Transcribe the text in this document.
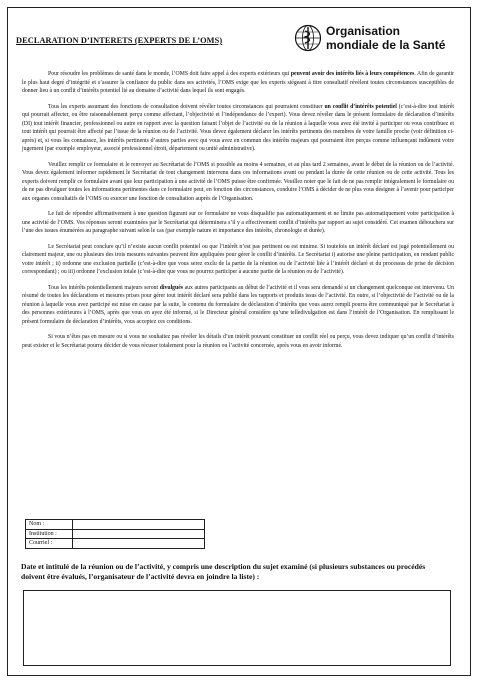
DECLARATION D’INTERETS (EXPERTS DE L’OMS)
Organisation
mondiale de la Santé

Pour résoudre les problèmes de santé dans le monde, l’OMS doit faire appel à des experts extérieurs qui peuvent avoir des intérêts liés à leurs compétences. Afin de garantir le plus haut degré d’intégrité et s’assurer la confiance du public dans ses activités, l’OMS exige que les experts siégeant à titre consultatif révèlent toutes circonstances susceptibles de donner lieu à un conflit d’intérêts potentiel lié au domaine d’activité dans lequel ils sont engagés.

Tous les experts assumant des fonctions de consultation doivent révéler toutes circonstances qui pourraient constituer un conflit d’intérêts potentiel (c’est-à-dire tout intérêt qui pourrait affecter, ou être raisonnablement perçu comme affectant, l’objectivité et l’indépendance de l’expert). Vous devez révéler dans le présent formulaire de déclaration d’intérêts (DI) tout intérêt financier, professionnel ou autre en rapport avec la question faisant l’objet de l’activité ou de la réunion à laquelle vous avez été invité à participer ou vous contribuez et tout intérêt qui pourrait être affecté par l’issue de la réunion ou de l’activité. Vous devez également déclarer les intérêts pertinents des membres de votre famille proche (voir définition ci-après) et, si vous les connaissez, les intérêts pertinents d’autres parties avec qui vous avez en commun des intérêts majeurs qui pourraient être perçus comme influençant indûment votre jugement (par exemple employeur, associé professionnel étroit, département ou unité administrative).

Veuillez remplir ce formulaire et le renvoyer au Secrétariat de l’OMS si possible au moins 4 semaines, et au plus tard 2 semaines, avant le début de la réunion ou de l’activité. Vous devez également informer rapidement le Secrétariat de tout changement intervenu dans ces informations avant ou pendant la durée de cette réunion ou de cette activité. Tous les experts doivent remplir ce formulaire avant que leur participation à une activité de l’OMS puisse être confirmée. Veuillez noter que le fait de ne pas remplir intégralement le formulaire ou de ne pas divulguer toutes les informations pertinentes dans ce formulaire peut, en fonction des circonstances, conduire l’OMS à décider de ne plus vous désigner à l’avenir pour participer aux organes consultatifs de l’OMS ou exercer une fonction de consultation auprès de l’Organisation.

Le fait de répondre affirmativement à une question figurant sur ce formulaire ne vous disqualifie pas automatiquement et ne limite pas automatiquement votre participation à une activité de l’OMS. Vos réponses seront examinées par le Secrétariat qui déterminera s’il y a effectivement conflit d’intérêts par rapport au sujet considéré. Cet examen débouchera sur l’une des issues énumérées au paragraphe suivant selon le cas (par exemple nature et importance des intérêts, chronologie et durée).

Le Secrétariat peut conclure qu’il n’existe aucun conflit potentiel ou que l’intérêt n’est pas pertinent ou est minime. Si toutefois un intérêt déclaré est jugé potentiellement ou clairement majeur, une ou plusieurs des trois mesures suivantes peuvent être appliquées pour gérer le conflit d’intérêts. Le Secrétariat i) autorise une pleine participation, en rendant public votre intérêt ; ii) ordonne une exclusion partielle (c’est-à-dire que vous serez exclu de la partie de la réunion ou de l’activité liée à l’intérêt déclaré et du processus de prise de décision correspondant) ; ou iii) ordonne l’exclusion totale (c’est-à-dire que vous ne pourrez participer à aucune partie de la réunion ou de l’activité).

Tous les intérêts potentiellement majeurs seront divulgués aux autres participants au début de l’activité et il vous sera demandé si un changement quelconque est intervenu. Un résumé de toutes les déclarations et mesures prises pour gérer tout intérêt déclaré sera publié dans les rapports et produits issus de l’activité. En outre, si l’objectivité de l’activité ou de la réunion à laquelle vous avez participé est mise en cause par la suite, le contenu du formulaire de déclaration d’intérêts que vous aurez rempli pourra être communiqué par le Secrétariat à des personnes extérieures à l’OMS, après que vous en ayez été informé, si le Directeur général considère qu’une telledivulgation est dans l’intérêt de l’Organisation. En remplissant le présent formulaire de déclaration d’intérêts, vous acceptez ces conditions.

Si vous n’êtes pas en mesure ou si vous ne souhaitez pas révéler les détails d’un intérêt pouvant constituer un conflit réel ou perçu, vous devez indiquer qu’un conflit d’intérêts peut exister et le Secrétariat pourra décider de vous récuser totalement pour la réunion ou l’activité concernée, après vous en avoir informé.

Nom :	
Institution :	
Courriel :	
Date et intitulé de la réunion ou de l’activité, y compris une description du sujet examiné (si plusieurs substances ou procédés doivent être évalués, l’organisateur de l’activité devra en joindre la liste) :
